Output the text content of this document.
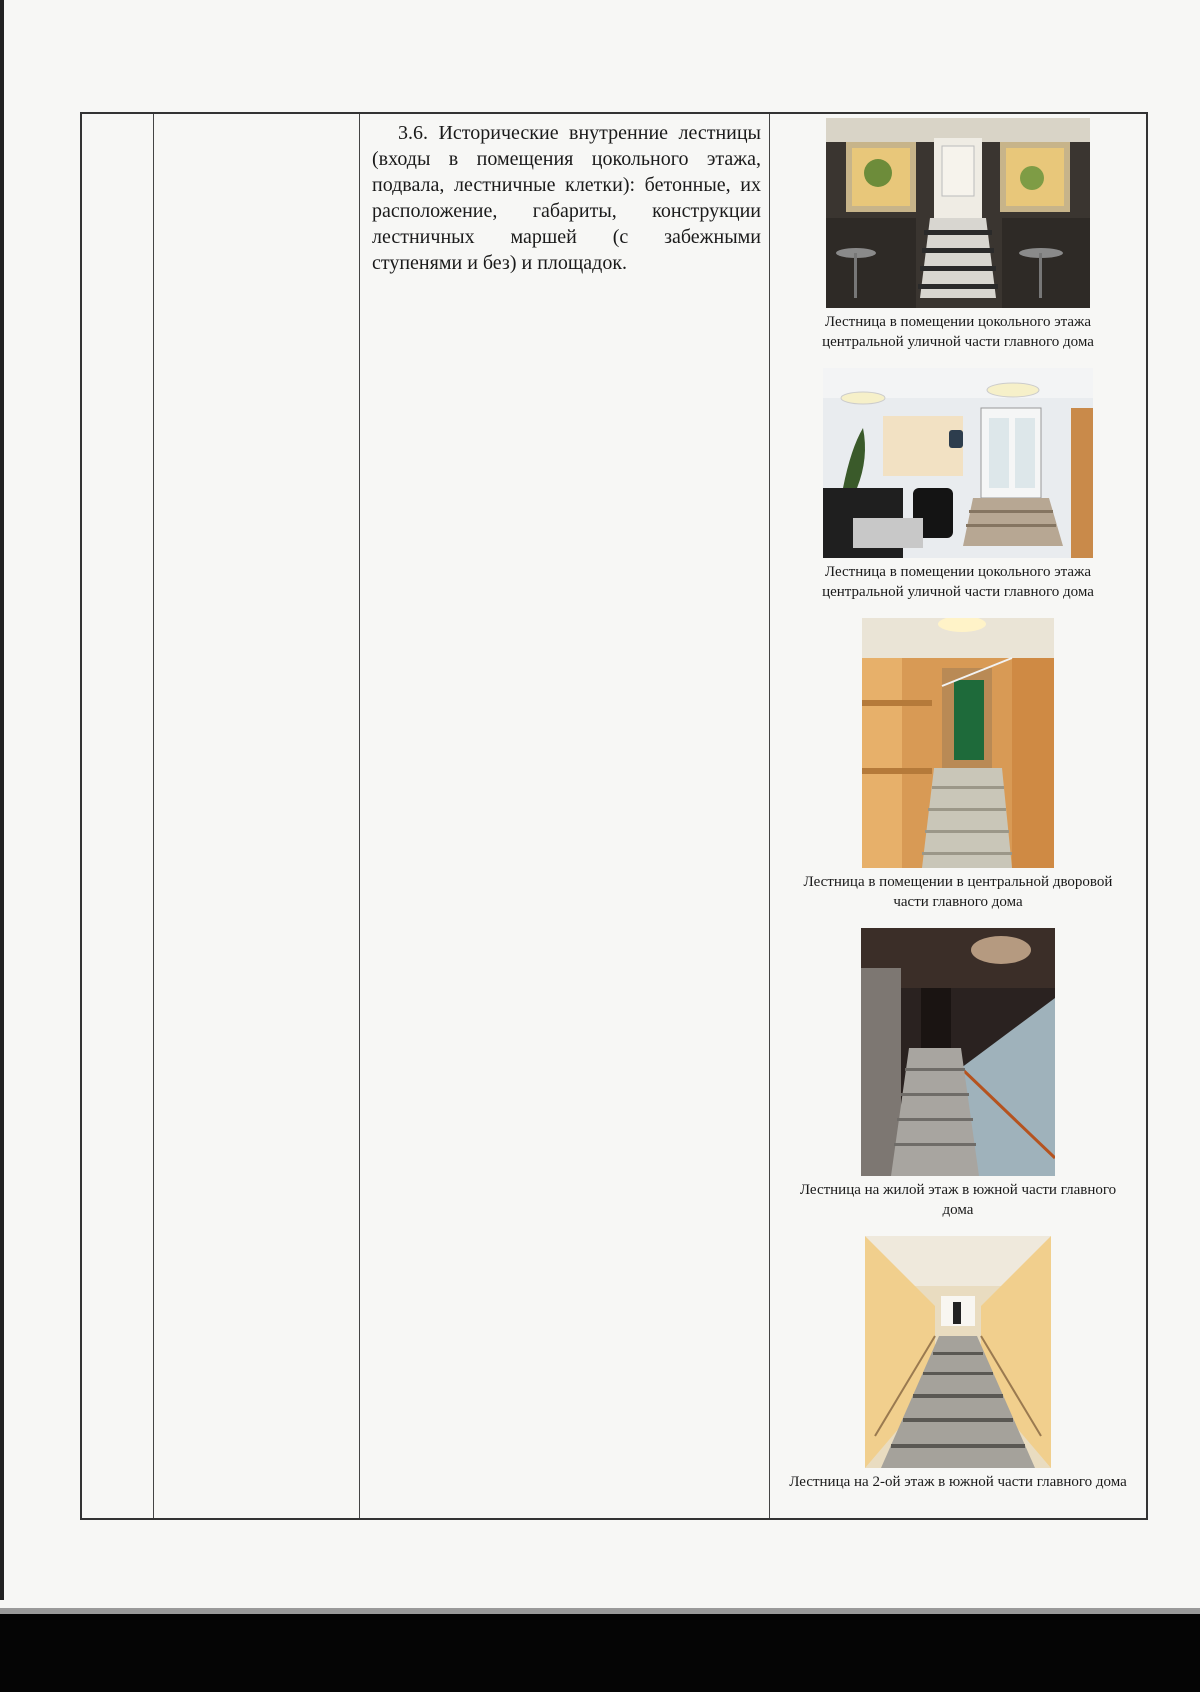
3.6. Исторические внутренние лестницы (входы в помещения цокольного этажа, подвала, лестничные клетки): бетонные, их расположение, габариты, конструкции лестничных маршей (с забежными ступенями и без) и площадок.

Лестница в помещении цокольного этажа центральной уличной части главного дома
Лестница в помещении цокольного этажа центральной уличной части главного дома
Лестница в помещении в центральной дворовой части главного дома
Лестница на жилой этаж в южной части главного дома
Лестница на 2-ой этаж в южной части главного дома
